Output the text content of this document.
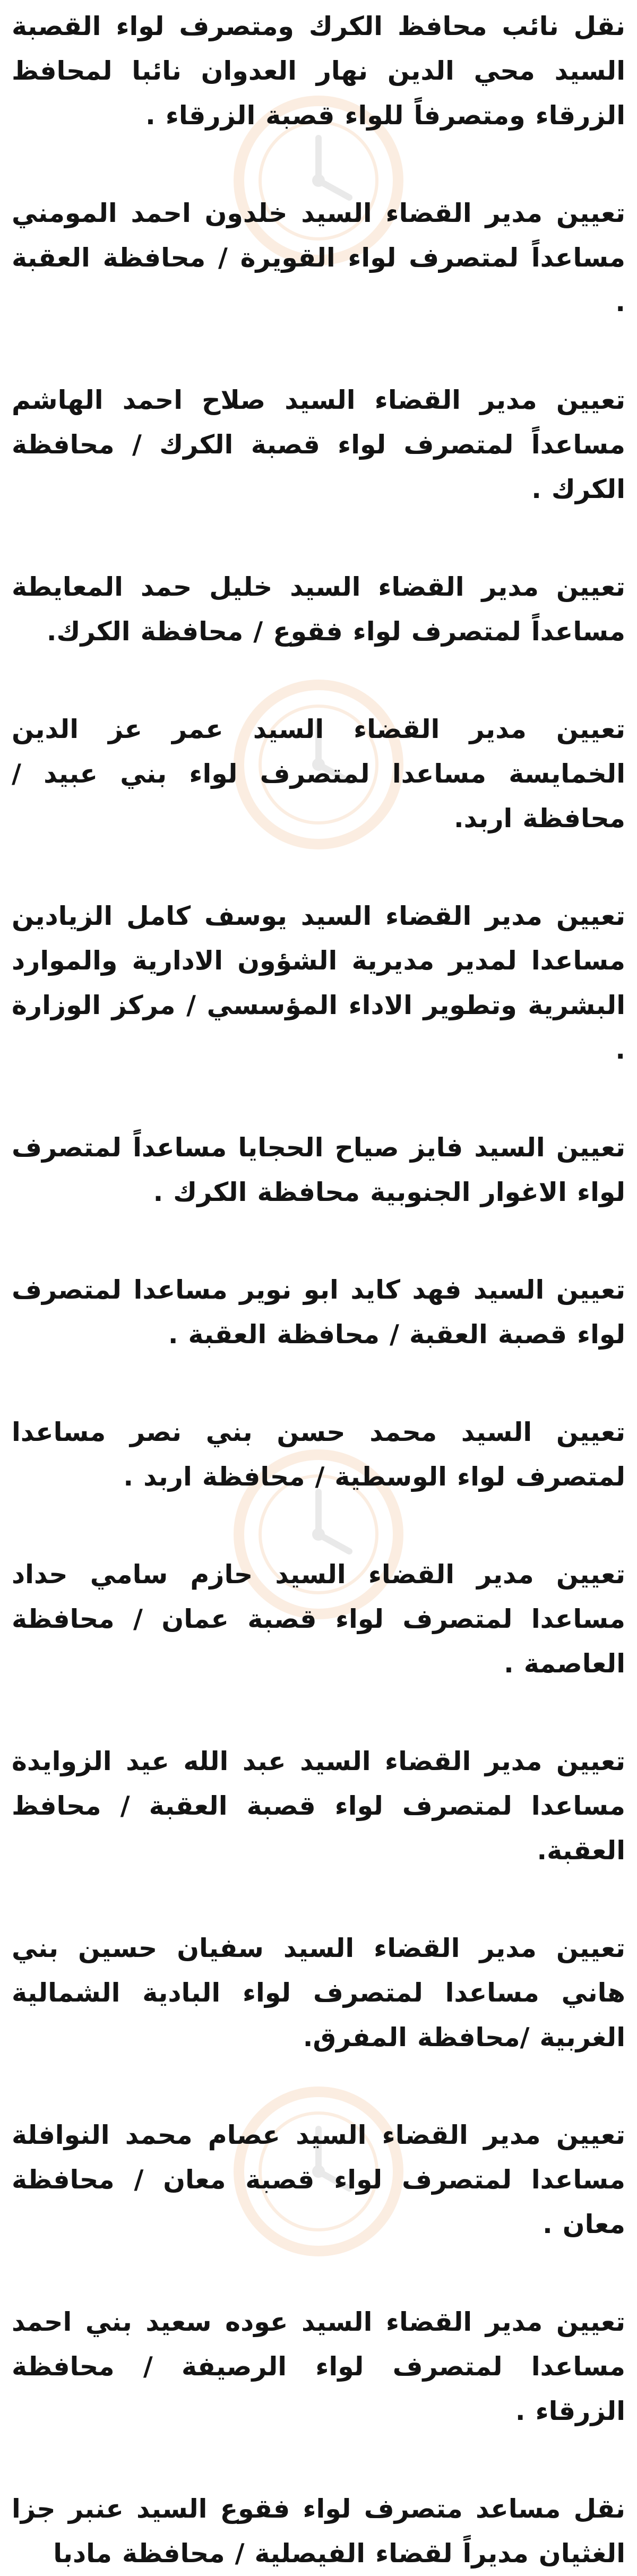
نقل نائب محافظ الكرك ومتصرف لواء القصبة السيد محي الدين نهار العدوان نائبا لمحافظ الزرقاء ومتصرفاً للواء قصبة الزرقاء .

تعيين مدير القضاء السيد خلدون احمد المومني مساعداً لمتصرف لواء القويرة / محافظة العقبة .

تعيين مدير القضاء السيد صلاح احمد الهاشم مساعداً لمتصرف لواء قصبة الكرك / محافظة الكرك .

تعيين مدير القضاء السيد خليل حمد المعايطة مساعداً لمتصرف لواء فقوع / محافظة الكرك.

تعيين مدير القضاء السيد عمر عز الدين الخمايسة مساعدا لمتصرف لواء بني عبيد / محافظة اربد.

تعيين مدير القضاء السيد يوسف كامل الزيادين مساعدا لمدير مديرية الشؤون الادارية والموارد البشرية وتطوير الاداء المؤسسي / مركز الوزارة .

تعيين السيد فايز صياح الحجايا مساعداً لمتصرف لواء الاغوار الجنوبية محافظة الكرك .

تعيين السيد فهد كايد ابو نوير مساعدا لمتصرف لواء قصبة العقبة / محافظة العقبة .

تعيين السيد محمد حسن بني نصر مساعدا لمتصرف لواء الوسطية / محافظة اربد .

تعيين مدير القضاء السيد حازم سامي حداد مساعدا لمتصرف لواء قصبة عمان / محافظة العاصمة .

تعيين مدير القضاء السيد عبد الله عيد الزوايدة مساعدا لمتصرف لواء قصبة العقبة / محافظ العقبة.

تعيين مدير القضاء السيد سفيان حسين بني هاني مساعدا لمتصرف لواء البادية الشمالية الغربية /محافظة المفرق.

تعيين مدير القضاء السيد عصام محمد النوافلة مساعدا لمتصرف لواء قصبة معان / محافظة معان .

تعيين مدير القضاء السيد عوده سعيد بني احمد مساعدا لمتصرف لواء الرصيفة / محافظة الزرقاء .

نقل مساعد متصرف لواء فقوع السيد عنبر جزا الغثيان مديراً لقضاء الفيصلية / محافظة مادبا
